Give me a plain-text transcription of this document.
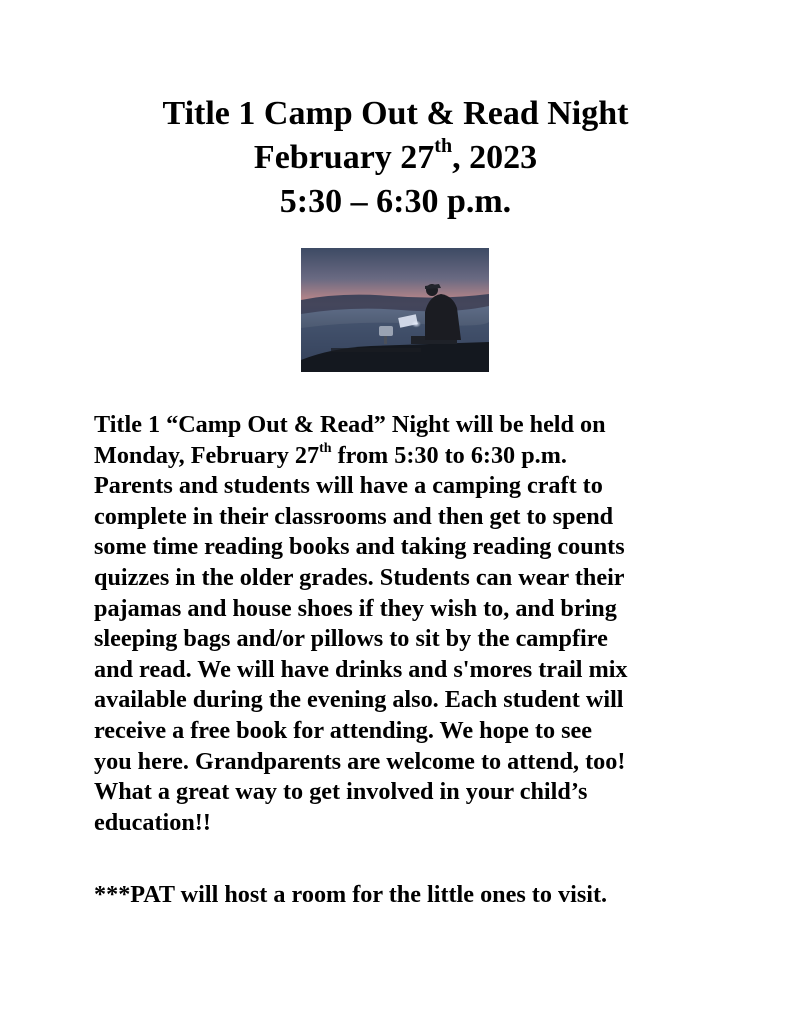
Title 1 Camp Out & Read Night
February 27th, 2023
5:30 – 6:30 p.m.
Title 1 “Camp Out & Read” Night will be held on
Monday, February 27th from 5:30 to 6:30 p.m.
Parents and students will have a camping craft to
complete in their classrooms and then get to spend
some time reading books and taking reading counts
quizzes in the older grades. Students can wear their
pajamas and house shoes if they wish to, and bring
sleeping bags and/or pillows to sit by the campfire
and read. We will have drinks and s'mores trail mix
available during the evening also. Each student will
receive a free book for attending. We hope to see
you here. Grandparents are welcome to attend, too!
What a great way to get involved in your child’s
education!!
***PAT will host a room for the little ones to visit.
